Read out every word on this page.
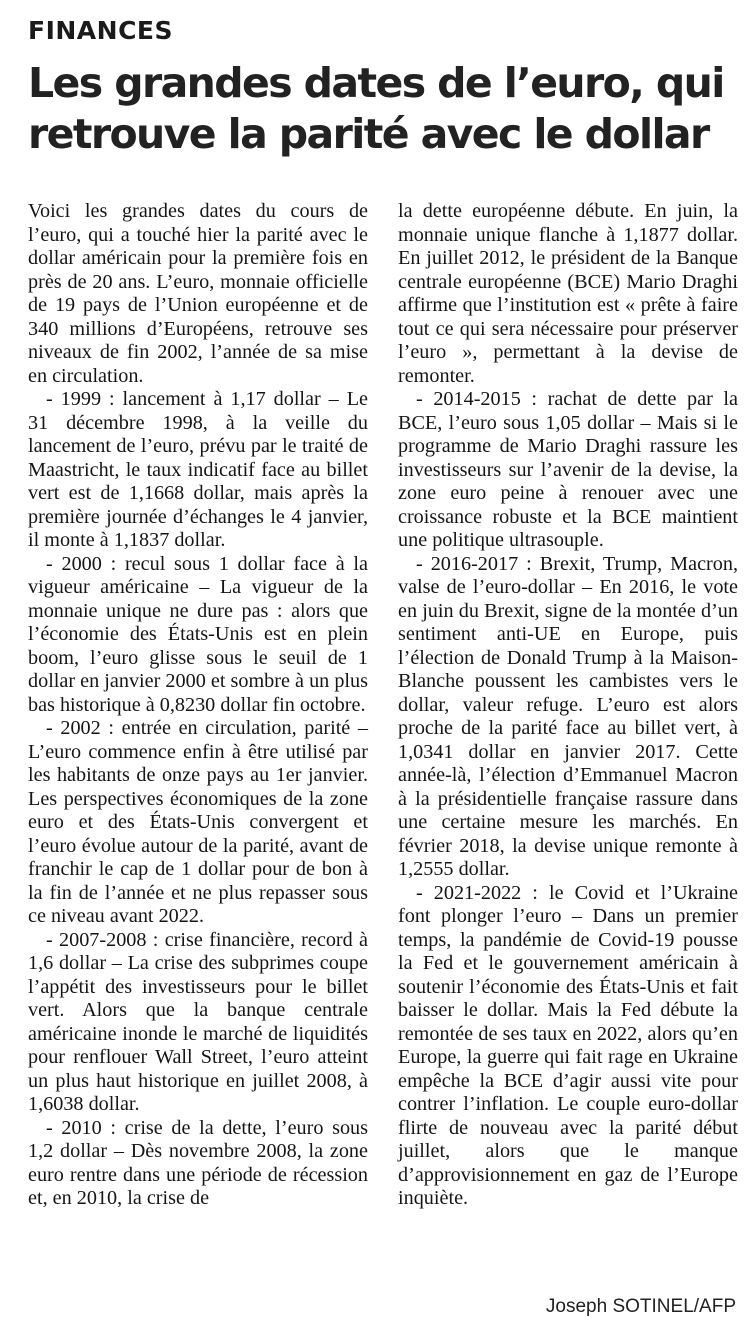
FINANCES
Les grandes dates de l’euro, qui retrouve la parité avec le dollar

Voici les grandes dates du cours de l’euro, qui a touché hier la parité avec le dollar américain pour la première fois en près de 20 ans. L’euro, monnaie officielle de 19 pays de l’Union européenne et de 340 millions d’Européens, retrouve ses niveaux de fin 2002, l’année de sa mise en circulation.

- 1999 : lancement à 1,17 dollar – Le 31 décembre 1998, à la veille du lancement de l’euro, prévu par le traité de Maastricht, le taux indicatif face au billet vert est de 1,1668 dollar, mais après la première journée d’échanges le 4 janvier, il monte à 1,1837 dollar.

- 2000 : recul sous 1 dollar face à la vigueur américaine – La vigueur de la monnaie unique ne dure pas : alors que l’économie des États-Unis est en plein boom, l’euro glisse sous le seuil de 1 dollar en janvier 2000 et sombre à un plus bas historique à 0,8230 dollar fin octobre.

- 2002 : entrée en circulation, parité – L’euro commence enfin à être utilisé par les habitants de onze pays au 1er janvier. Les perspectives économiques de la zone euro et des États-Unis convergent et l’euro évolue autour de la parité, avant de franchir le cap de 1 dollar pour de bon à la fin de l’année et ne plus repasser sous ce niveau avant 2022.

- 2007-2008 : crise financière, record à 1,6 dollar – La crise des subprimes coupe l’appétit des investisseurs pour le billet vert. Alors que la banque centrale américaine inonde le marché de liquidités pour renflouer Wall Street, l’euro atteint un plus haut historique en juillet 2008, à 1,6038 dollar.

- 2010 : crise de la dette, l’euro sous 1,2 dollar – Dès novembre 2008, la zone euro rentre dans une période de récession et, en 2010, la crise de

la dette européenne débute. En juin, la monnaie unique flanche à 1,1877 dollar. En juillet 2012, le président de la Banque centrale européenne (BCE) Mario Draghi affirme que l’institution est « prête à faire tout ce qui sera nécessaire pour préserver l’euro », permettant à la devise de remonter.

- 2014-2015 : rachat de dette par la BCE, l’euro sous 1,05 dollar – Mais si le programme de Mario Draghi rassure les investisseurs sur l’avenir de la devise, la zone euro peine à renouer avec une croissance robuste et la BCE maintient une politique ultrasouple.

- 2016-2017 : Brexit, Trump, Macron, valse de l’euro-dollar – En 2016, le vote en juin du Brexit, signe de la montée d’un sentiment anti-UE en Europe, puis l’élection de Donald Trump à la Maison-Blanche poussent les cambistes vers le dollar, valeur refuge. L’euro est alors proche de la parité face au billet vert, à 1,0341 dollar en janvier 2017. Cette année-là, l’élection d’Emmanuel Macron à la présidentielle française rassure dans une certaine mesure les marchés. En février 2018, la devise unique remonte à 1,2555 dollar.

- 2021-2022 : le Covid et l’Ukraine font plonger l’euro – Dans un premier temps, la pandémie de Covid-19 pousse la Fed et le gouvernement américain à soutenir l’économie des États-Unis et fait baisser le dollar. Mais la Fed débute la remontée de ses taux en 2022, alors qu’en Europe, la guerre qui fait rage en Ukraine empêche la BCE d’agir aussi vite pour contrer l’inflation. Le couple euro-dollar flirte de nouveau avec la parité début juillet, alors que le manque d’approvisionnement en gaz de l’Europe inquiète.

Joseph SOTINEL/AFP
